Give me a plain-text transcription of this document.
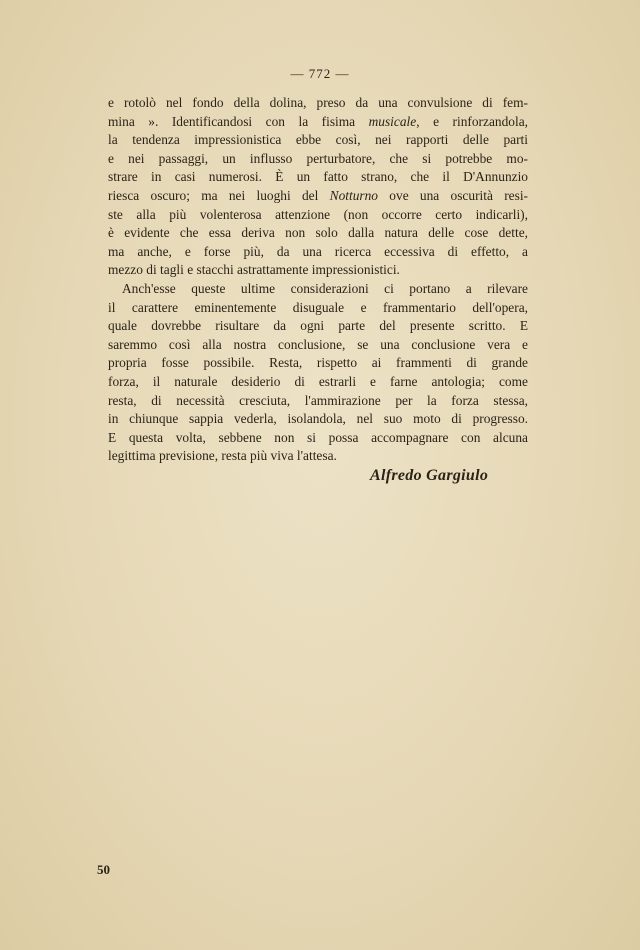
— 772 —
e rotolò nel fondo della dolina, preso da una convulsione di fem-
mina ». Identificandosi con la fisima musicale, e rinforzandola,
la tendenza impressionistica ebbe così, nei rapporti delle parti
e nei passaggi, un influsso perturbatore, che si potrebbe mo-
strare in casi numerosi. È un fatto strano, che il D'Annunzio
riesca oscuro; ma nei luoghi del Notturno ove una oscurità resi-
ste alla più volenterosa attenzione (non occorre certo indicarli),
è evidente che essa deriva non solo dalla natura delle cose dette,
ma anche, e forse più, da una ricerca eccessiva di effetto, a
mezzo di tagli e stacchi astrattamente impressionistici.
Anch'esse queste ultime considerazioni ci portano a rilevare
il carattere eminentemente disuguale e frammentario dell'opera,
quale dovrebbe risultare da ogni parte del presente scritto. E
saremmo così alla nostra conclusione, se una conclusione vera e
propria fosse possibile. Resta, rispetto ai frammenti di grande
forza, il naturale desiderio di estrarli e farne antologia; come
resta, di necessità cresciuta, l'ammirazione per la forza stessa,
in chiunque sappia vederla, isolandola, nel suo moto di progresso.
E questa volta, sebbene non si possa accompagnare con alcuna
legittima previsione, resta più viva l'attesa.
Alfredo Gargiulo
50
